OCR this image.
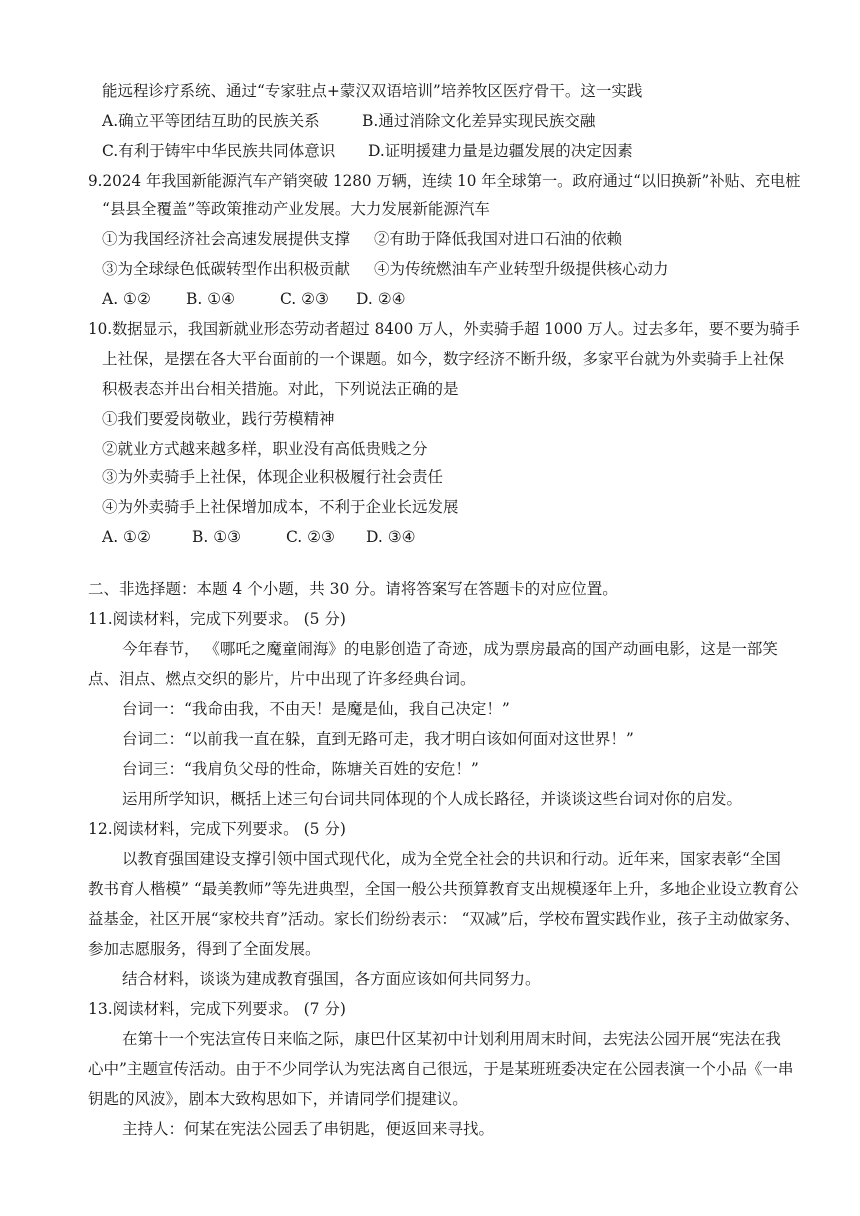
能远程诊疗系统、通过“专家驻点+蒙汉双语培训”培养牧区医疗骨干。这一实践
A.确立平等团结互助的民族关系	B.通过消除文化差异实现民族交融
C.有利于铸牢中华民族共同体意识 D.证明援建力量是边疆发展的决定因素
9.2024 年我国新能源汽车产销突破 1280 万辆，连续 10 年全球第一。政府通过“以旧换新”补贴、充电桩
“县县全覆盖”等政策推动产业发展。大力发展新能源汽车
①为我国经济社会高速发展提供支撑 ②有助于降低我国对进口石油的依赖
③为全球绿色低碳转型作出积极贡献 ④为传统燃油车产业转型升级提供核心动力
A. ①② B. ①④	C. ②③ D. ②④
10.数据显示，我国新就业形态劳动者超过 8400 万人，外卖骑手超 1000 万人。过去多年，要不要为骑手
上社保，是摆在各大平台面前的一个课题。如今，数字经济不断升级，多家平台就为外卖骑手上社保
积极表态并出台相关措施。对此，下列说法正确的是
①我们要爱岗敬业，践行劳模精神
②就业方式越来越多样，职业没有高低贵贱之分
③为外卖骑手上社保，体现企业积极履行社会责任
④为外卖骑手上社保增加成本，不利于企业长远发展
A. ①②	B. ①③	C. ②③ D. ③④
二、非选择题：本题 4 个小题，共 30 分。请将答案写在答题卡的对应位置。
11.阅读材料，完成下列要求。 (5 分)
今年春节， 《哪吒之魔童闹海》的电影创造了奇迹，成为票房最高的国产动画电影，这是一部笑
点、泪点、燃点交织的影片，片中出现了许多经典台词。
台词一：“我命由我，不由天！是魔是仙，我自己决定！”
台词二：“以前我一直在躲，直到无路可走，我才明白该如何面对这世界！”
台词三：“我肩负父母的性命，陈塘关百姓的安危！”
运用所学知识，概括上述三句台词共同体现的个人成长路径，并谈谈这些台词对你的启发。
12.阅读材料，完成下列要求。 (5 分)
以教育强国建设支撑引领中国式现代化，成为全党全社会的共识和行动。近年来，国家表彰“全国
教书育人楷模” “最美教师”等先进典型，全国一般公共预算教育支出规模逐年上升，多地企业设立教育公
益基金，社区开展“家校共育”活动。家长们纷纷表示： “双减”后，学校布置实践作业，孩子主动做家务、
参加志愿服务，得到了全面发展。
结合材料，谈谈为建成教育强国，各方面应该如何共同努力。
13.阅读材料，完成下列要求。 (7 分)
在第十一个宪法宣传日来临之际，康巴什区某初中计划利用周末时间，去宪法公园开展“宪法在我
心中”主题宣传活动。由于不少同学认为宪法离自己很远，于是某班班委决定在公园表演一个小品《一串
钥匙的风波》，剧本大致构思如下，并请同学们提建议。
主持人：何某在宪法公园丢了串钥匙，便返回来寻找。
